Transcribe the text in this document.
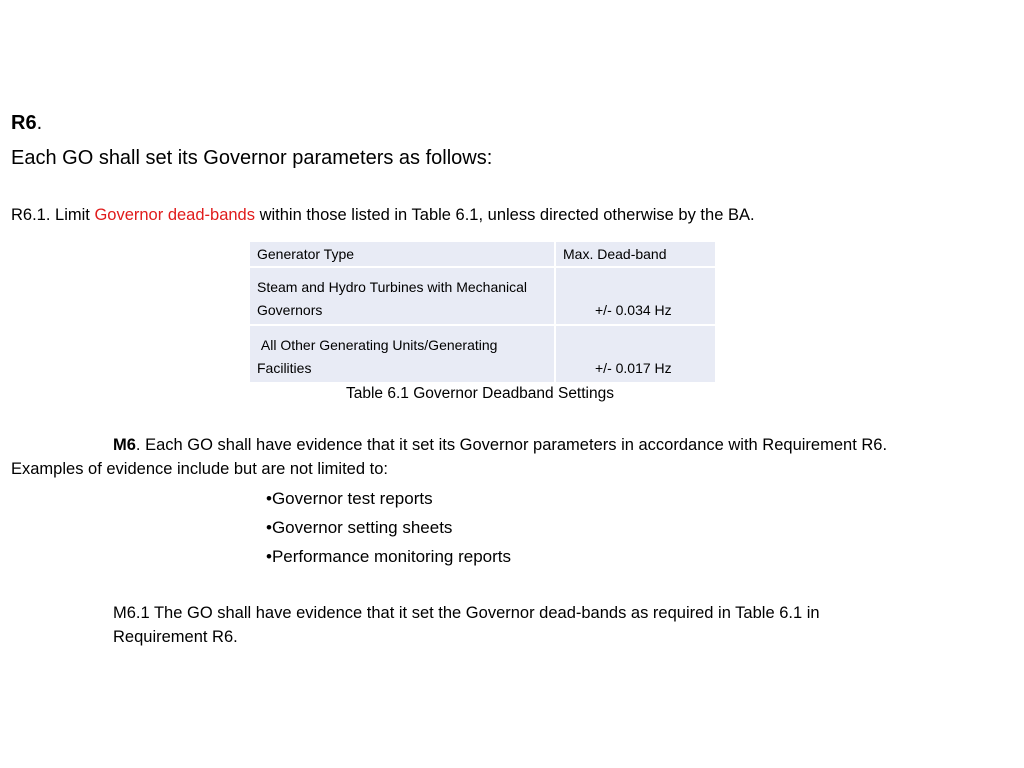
R6.
Each GO shall set its Governor parameters as follows:
R6.1. Limit Governor dead-bands within those listed in Table 6.1, unless directed otherwise by the BA.
Generator Type	Max. Dead-band
Steam and Hydro Turbines with Mechanical Governors	+/- 0.034 Hz
All Other Generating Units/Generating Facilities	+/- 0.017 Hz
Table 6.1 Governor Deadband Settings
M6. Each GO shall have evidence that it set its Governor parameters in accordance with Requirement R6.
Examples of evidence include but are not limited to:
•Governor test reports
•Governor setting sheets
•Performance monitoring reports
M6.1 The GO shall have evidence that it set the Governor dead-bands as required in Table 6.1 in
Requirement R6.
